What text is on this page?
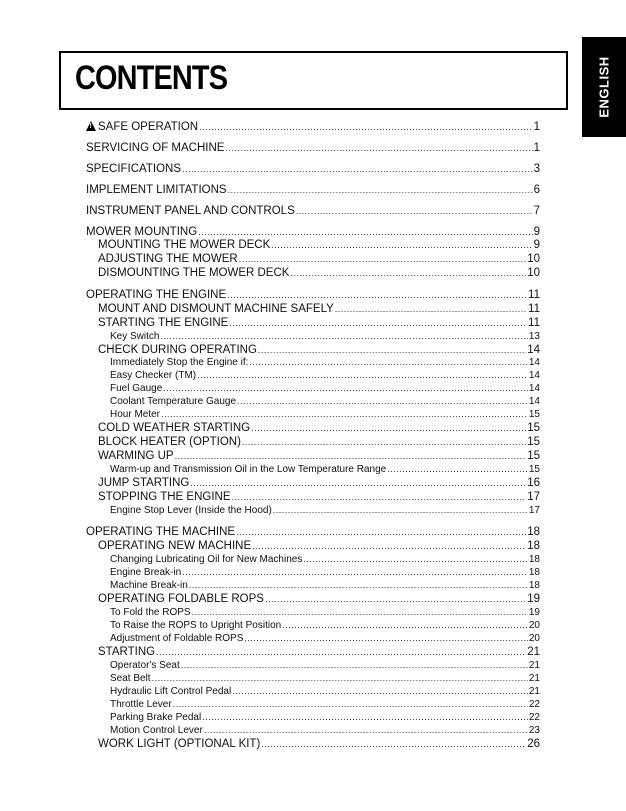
CONTENTS	ENGLISH
!SAFE OPERATION .....	1
SERVICING OF MACHINE .....	1
SPECIFICATIONS .....	3
IMPLEMENT LIMITATIONS .....	6
INSTRUMENT PANEL AND CONTROLS .....	7
MOWER MOUNTING .....	9
MOUNTING THE MOWER DECK .....	9
ADJUSTING THE MOWER .....	10
DISMOUNTING THE MOWER DECK .....	10
OPERATING THE ENGINE .....	11
MOUNT AND DISMOUNT MACHINE SAFELY .....	11
STARTING THE ENGINE .....	11
Key Switch .....	13
CHECK DURING OPERATING .....	14
Immediately Stop the Engine if: .....	14
Easy Checker (TM) .....	14
Fuel Gauge .....	14
Coolant Temperature Gauge .....	14
Hour Meter .....	15
COLD WEATHER STARTING .....	15
BLOCK HEATER (OPTION) .....	15
WARMING UP .....	15
Warm-up and Transmission Oil in the Low Temperature Range .....	15
JUMP STARTING .....	16
STOPPING THE ENGINE .....	17
Engine Stop Lever (Inside the Hood) .....	17
OPERATING THE MACHINE .....	18
OPERATING NEW MACHINE .....	18
Changing Lubricating Oil for New Machines .....	18
Engine Break-in .....	18
Machine Break-in .....	18
OPERATING FOLDABLE ROPS .....	19
To Fold the ROPS .....	19
To Raise the ROPS to Upright Position .....	20
Adjustment of Foldable ROPS .....	20
STARTING .....	21
Operator's Seat .....	21
Seat Belt .....	21
Hydraulic Lift Control Pedal .....	21
Throttle Lever .....	22
Parking Brake Pedal .....	22
Motion Control Lever .....	23
WORK LIGHT (OPTIONAL KIT) .....	26
